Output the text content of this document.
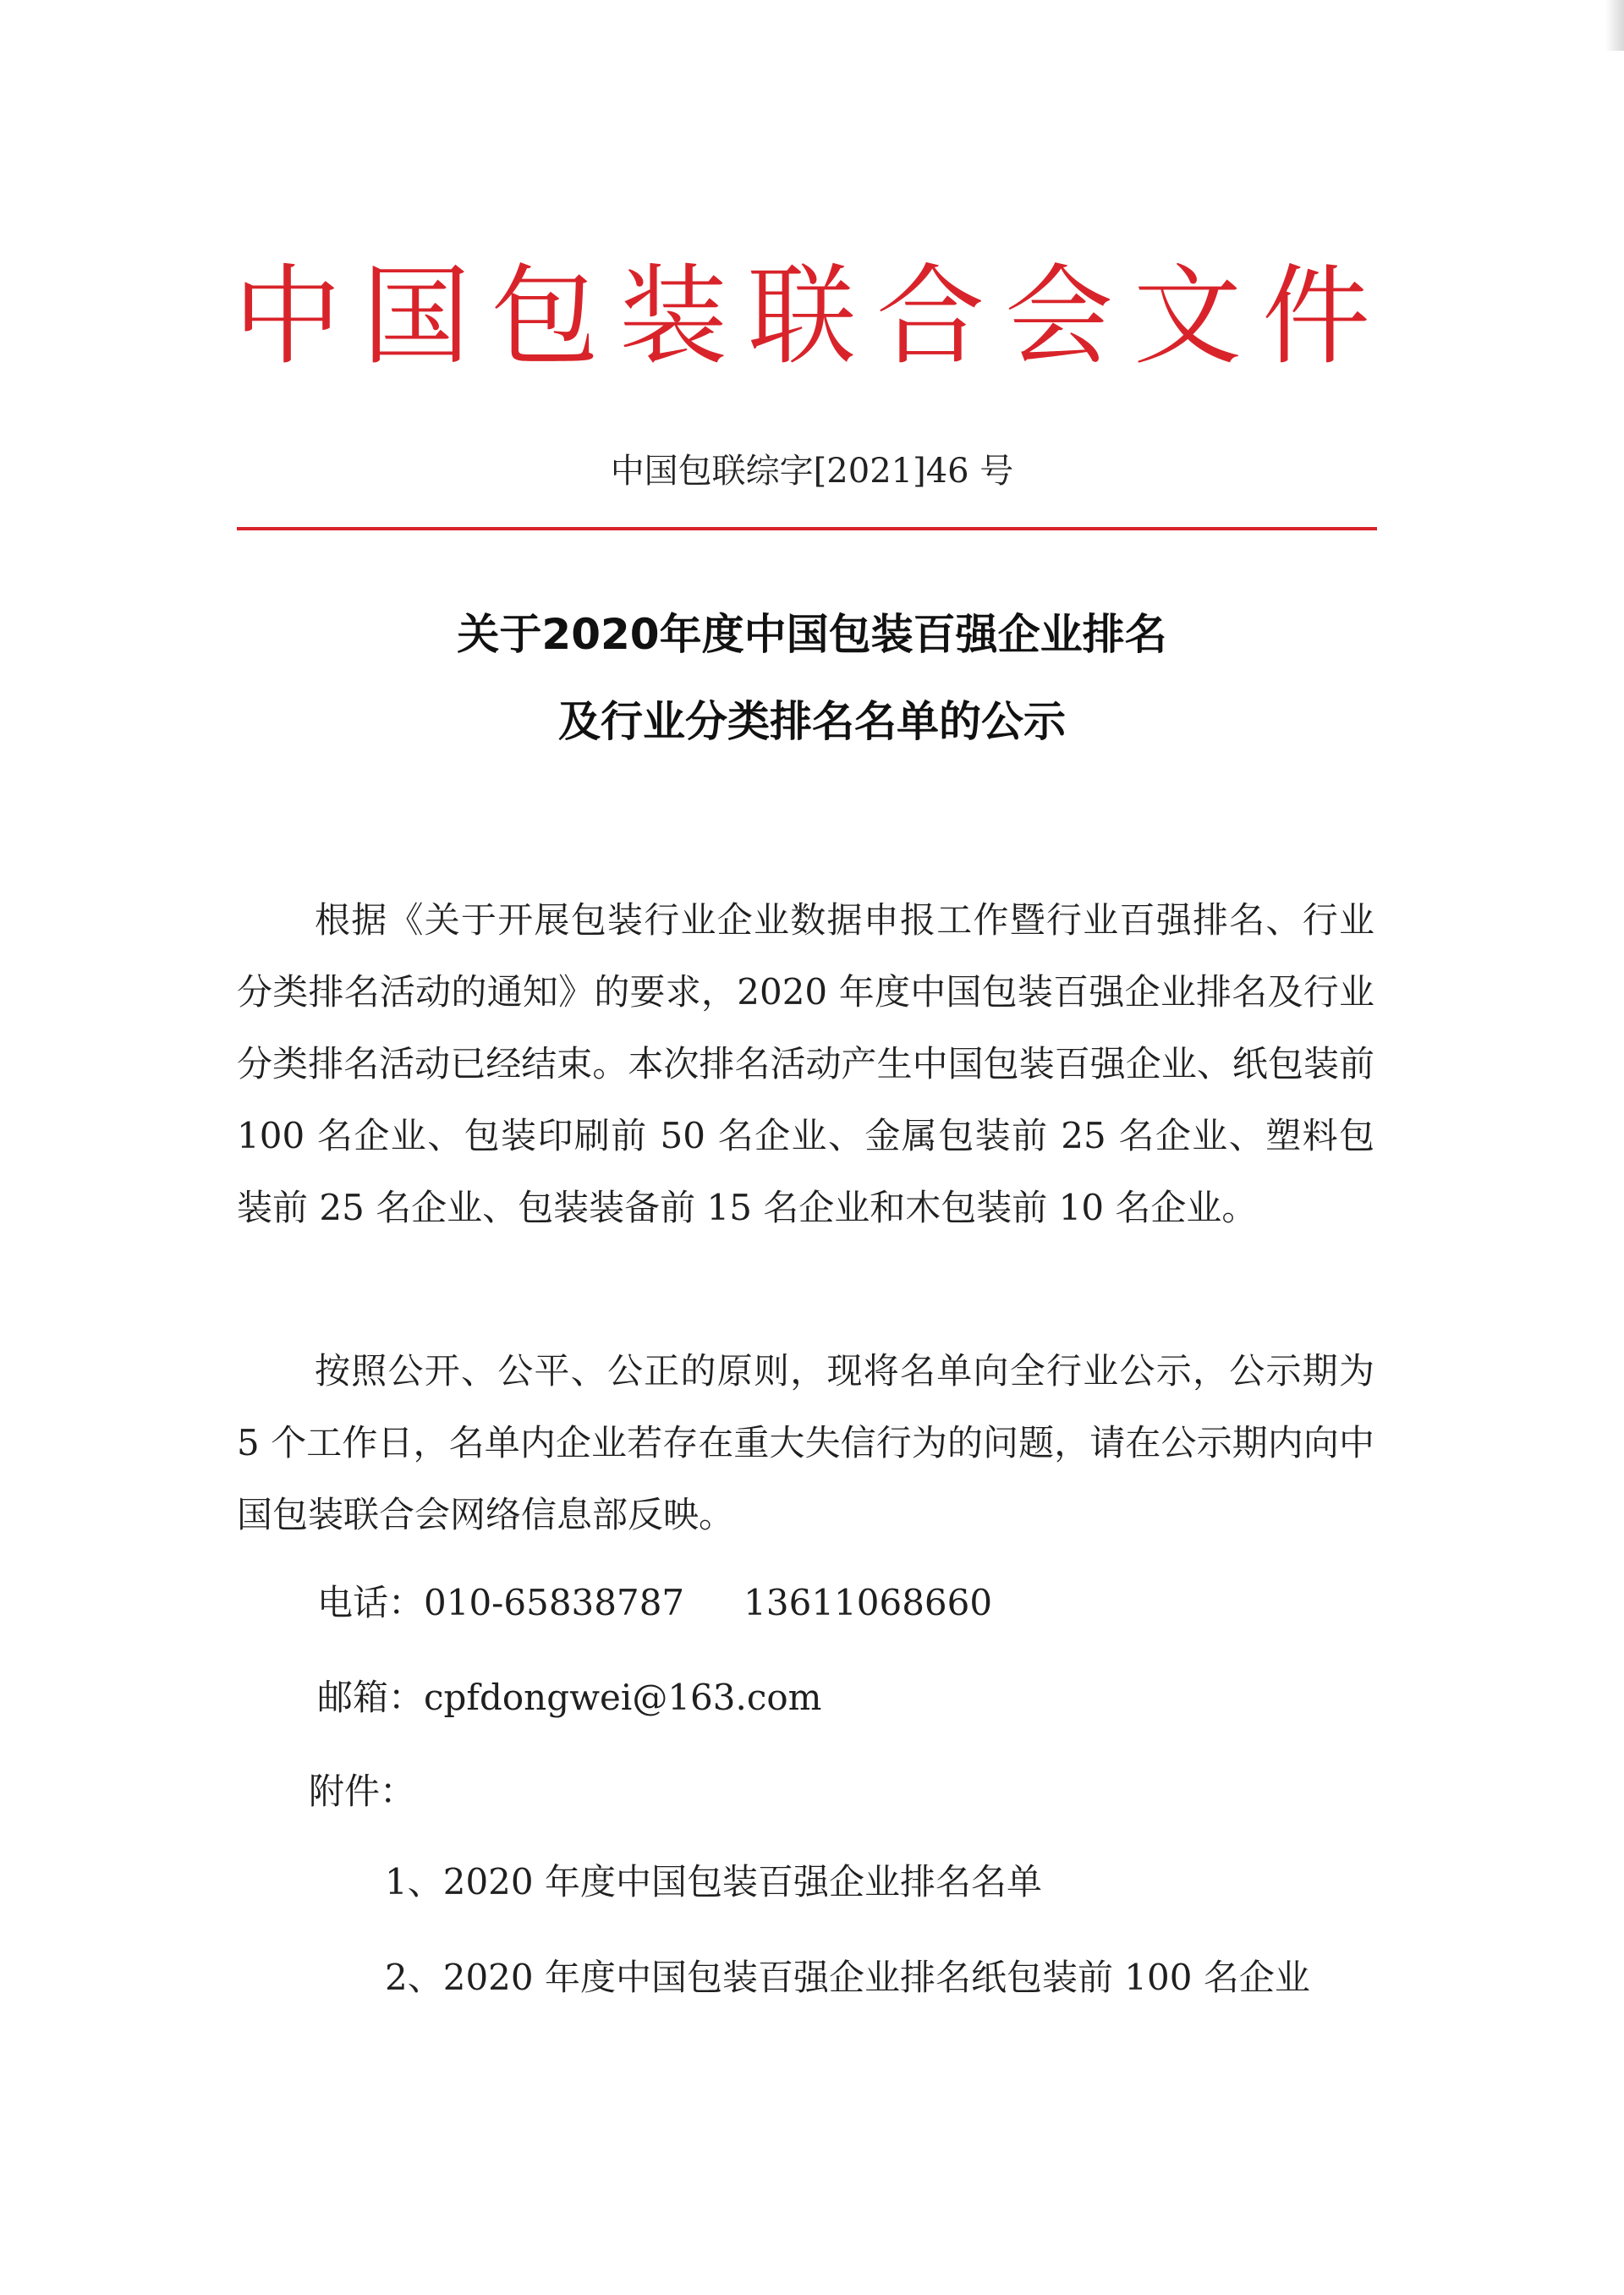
中国包装联合会文件
中国包联综字[2021]46 号
关于2020年度中国包装百强企业排名
及行业分类排名名单的公示
根据《关于开展包装行业企业数据申报工作暨行业百强排名、行业分类排名活动的通知》的要求，2020 年度中国包装百强企业排名及行业分类排名活动已经结束。本次排名活动产生中国包装百强企业、纸包装前 100 名企业、包装印刷前 50 名企业、金属包装前 25 名企业、塑料包装前 25 名企业、包装装备前 15 名企业和木包装前 10 名企业。
按照公开、公平、公正的原则，现将名单向全行业公示，公示期为 5 个工作日，名单内企业若存在重大失信行为的问题，请在公示期内向中国包装联合会网络信息部反映。
电话：010-65838787 13611068660
邮箱：cpfdongwei@163.com
附件：
1、2020 年度中国包装百强企业排名名单
2、2020 年度中国包装百强企业排名纸包装前 100 名企业
